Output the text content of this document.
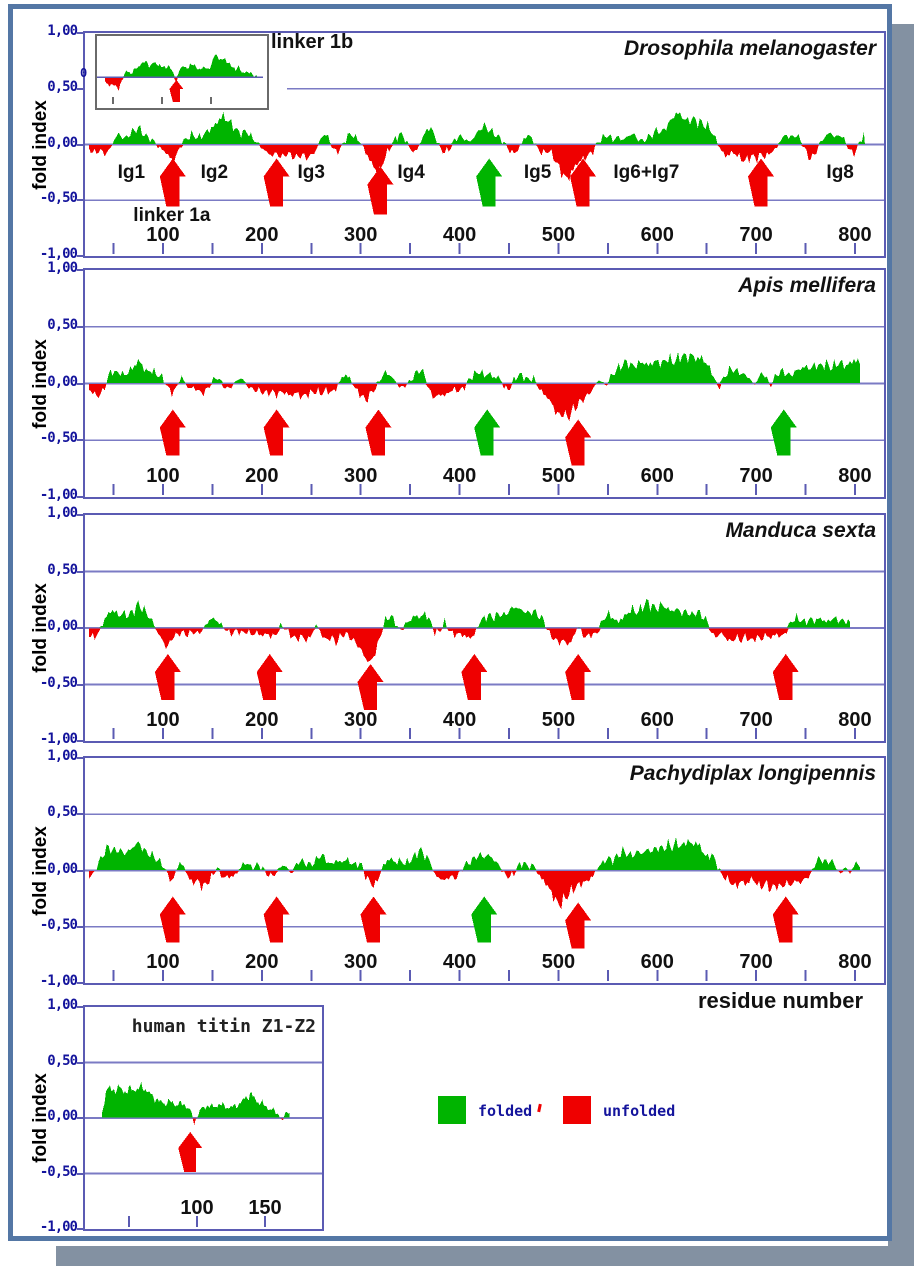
fold index
Drosophila melanogaster
0
linker 1b
linker 1a
1,00
0,50
0,00
-0,50
-1,00
100	200	300	400	500	600	700	800
Ig1	Ig2	Ig3	Ig4	Ig5	Ig6+Ig7	Ig8
fold index
Apis mellifera
1,00
0,50
0,00
-0,50
-1,00
100	200	300	400	500	600	700	800
fold index
Manduca sexta
1,00
0,50
0,00
-0,50
-1,00
100	200	300	400	500	600	700	800
fold index
Pachydiplax longipennis
1,00
0,50
0,00
-0,50
-1,00
100	200	300	400	500	600	700	800
fold index
human titin Z1-Z2
1,00
0,50
0,00
-0,50
-1,00
100	150
residue number
folded	unfolded
